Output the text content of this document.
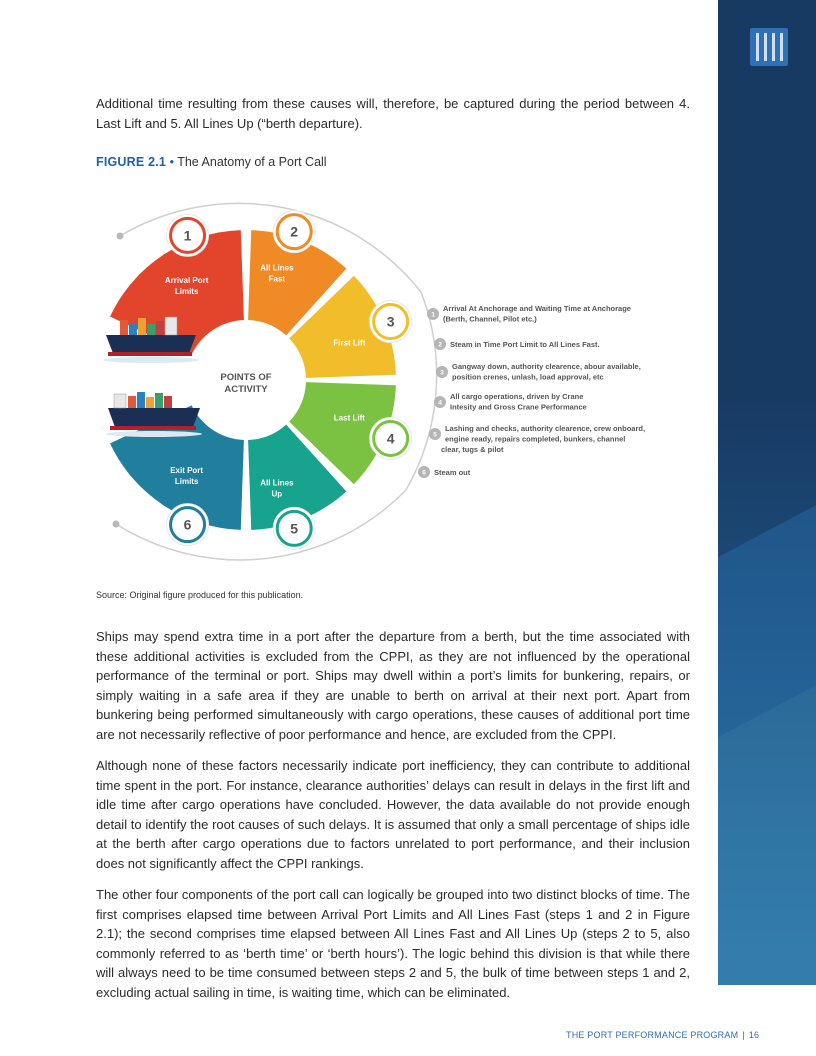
Additional time resulting from these causes will, therefore, be captured during the period between 4. Last Lift and 5. All Lines Up (“berth departure).

FIGURE 2.1 • The Anatomy of a Port Call
Arrival Port
Limits
1
All Lines
Fast
2
First Lift
3
Last Lift
4
All Lines
Up
5
Exit Port
Limits
6
POINTS OF
ACTIVITY
1
Arrival At Anchorage and Waiting Time at Anchorage
(Berth, Channel, Pilot etc.)
2 Steam in Time Port Limit to All Lines Fast.
3
Gangway down, authority clearence, abour available,
position crenes, unlash, load approval, etc
4
All cargo operations, driven by Crane
Intesity and Gross Crane Performance
5
Lashing and checks, authority clearence, crew onboard,
engine ready, repairs completed, bunkers, channel
clear, tugs & pilot
6 Steam out
Source: Original figure produced for this publication.

Ships may spend extra time in a port after the departure from a berth, but the time associated with these additional activities is excluded from the CPPI, as they are not influenced by the operational performance of the terminal or port. Ships may dwell within a port’s limits for bunkering, repairs, or simply waiting in a safe area if they are unable to berth on arrival at their next port. Apart from bunkering being performed simultaneously with cargo operations, these causes of additional port time are not necessarily reflective of poor performance and hence, are excluded from the CPPI.

Although none of these factors necessarily indicate port inefficiency, they can contribute to additional time spent in the port. For instance, clearance authorities’ delays can result in delays in the first lift and idle time after cargo operations have concluded. However, the data available do not provide enough detail to identify the root causes of such delays. It is assumed that only a small percentage of ships idle at the berth after cargo operations due to factors unrelated to port performance, and their inclusion does not significantly affect the CPPI rankings.

The other four components of the port call can logically be grouped into two distinct blocks of time. The first comprises elapsed time between Arrival Port Limits and All Lines Fast (steps 1 and 2 in Figure 2.1); the second comprises time elapsed between All Lines Fast and All Lines Up (steps 2 to 5, also commonly referred to as ‘berth time’ or ‘berth hours’). The logic behind this division is that while there will always need to be time consumed between steps 2 and 5, the bulk of time between steps 1 and 2, excluding actual sailing in time, is waiting time, which can be eliminated.

THE PORT PERFORMANCE PROGRAM | 16
